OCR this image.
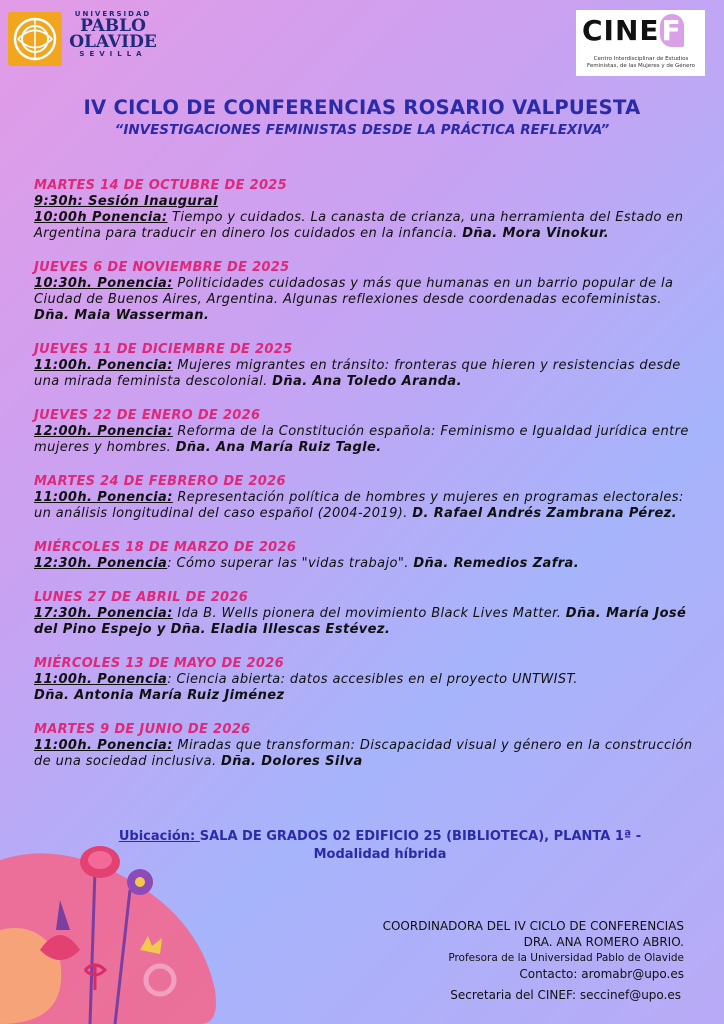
UNIVERSIDAD
PABLO
OLAVIDE
SEVILLA
CINEF
Centro Interdisciplinar de Estudios Feministas, de las Mujeres y de Género
IV CICLO DE CONFERENCIAS ROSARIO VALPUESTA
“INVESTIGACIONES FEMINISTAS DESDE LA PRÁCTICA REFLEXIVA”
MARTES 14 DE OCTUBRE DE 2025
9:30h: Sesión Inaugural
10:00h Ponencia: Tiempo y cuidados. La canasta de crianza, una herramienta del Estado en Argentina para traducir en dinero los cuidados en la infancia. Dña. Mora Vinokur.
JUEVES 6 DE NOVIEMBRE DE 2025
10:30h. Ponencia: Politicidades cuidadosas y más que humanas en un barrio popular de la Ciudad de Buenos Aires, Argentina. Algunas reflexiones desde coordenadas ecofeministas. Dña. Maia Wasserman.
JUEVES 11 DE DICIEMBRE DE 2025
11:00h. Ponencia: Mujeres migrantes en tránsito: fronteras que hieren y resistencias desde una mirada feminista descolonial. Dña. Ana Toledo Aranda.
JUEVES 22 DE ENERO DE 2026
12:00h. Ponencia: Reforma de la Constitución española: Feminismo e Igualdad jurídica entre mujeres y hombres. Dña. Ana María Ruiz Tagle.
MARTES 24 DE FEBRERO DE 2026
11:00h. Ponencia: Representación política de hombres y mujeres en programas electorales: un análisis longitudinal del caso español (2004-2019). D. Rafael Andrés Zambrana Pérez.
MIÉRCOLES 18 DE MARZO DE 2026
12:30h. Ponencia: Cómo superar las "vidas trabajo". Dña. Remedios Zafra.
LUNES 27 DE ABRIL DE 2026
17:30h. Ponencia: Ida B. Wells pionera del movimiento Black Lives Matter. Dña. María José del Pino Espejo y Dña. Eladia Illescas Estévez.
MIÉRCOLES 13 DE MAYO DE 2026
11:00h. Ponencia: Ciencia abierta: datos accesibles en el proyecto UNTWIST.
Dña. Antonia María Ruiz Jiménez
MARTES 9 DE JUNIO DE 2026
11:00h. Ponencia: Miradas que transforman: Discapacidad visual y género en la construcción de una sociedad inclusiva. Dña. Dolores Silva
Ubicación: SALA DE GRADOS 02 EDIFICIO 25 (BIBLIOTECA), PLANTA 1ª -
Modalidad híbrida
COORDINADORA DEL IV CICLO DE CONFERENCIAS
DRA. ANA ROMERO ABRIO.
Profesora de la Universidad Pablo de Olavide
Contacto: aromabr@upo.es
Secretaria del CINEF: seccinef@upo.es
